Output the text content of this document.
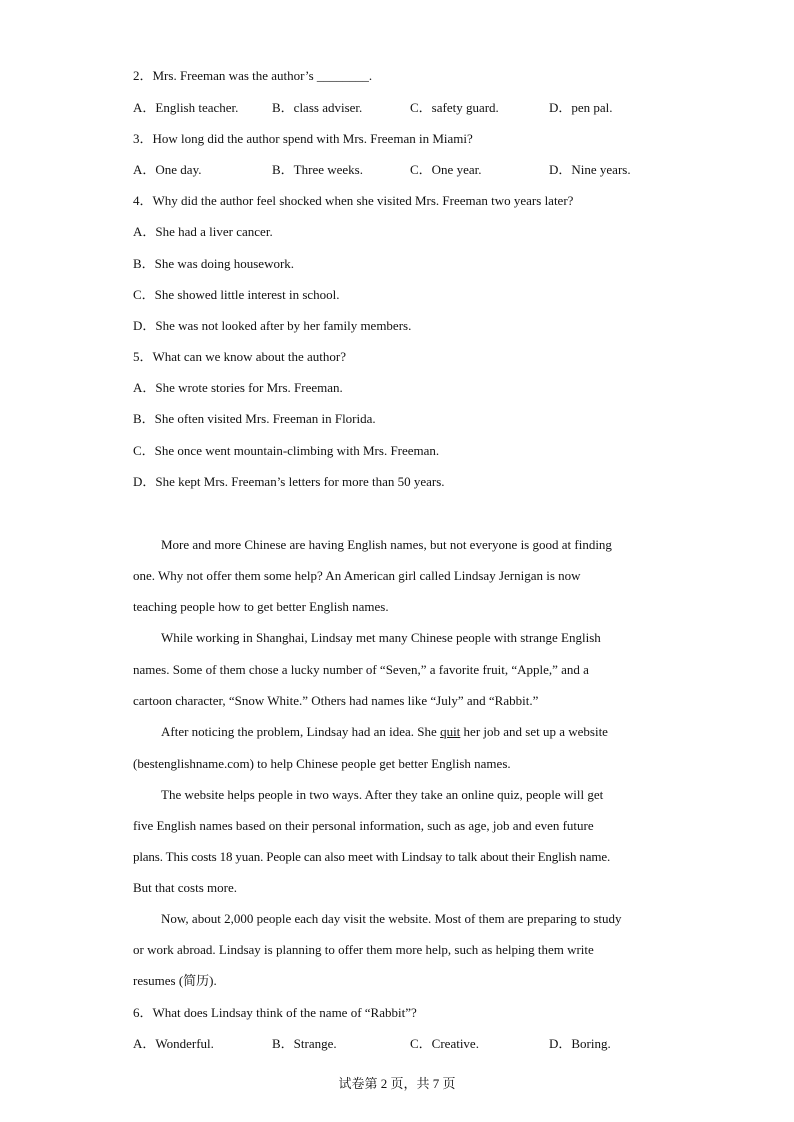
2．Mrs. Freeman was the author’s ________.
A．English teacher.	B．class adviser.	C．safety guard.	D．pen pal.
3．How long did the author spend with Mrs. Freeman in Miami?
A．One day.	B．Three weeks.	C．One year.	D．Nine years.
4．Why did the author feel shocked when she visited Mrs. Freeman two years later?
A．She had a liver cancer.
B．She was doing housework.
C．She showed little interest in school.
D．She was not looked after by her family members.
5．What can we know about the author?
A．She wrote stories for Mrs. Freeman.
B．She often visited Mrs. Freeman in Florida.
C．She once went mountain-climbing with Mrs. Freeman.
D．She kept Mrs. Freeman’s letters for more than 50 years.
More and more Chinese are having English names, but not everyone is good at finding
one. Why not offer them some help? An American girl called Lindsay Jernigan is now
teaching people how to get better English names.
While working in Shanghai, Lindsay met many Chinese people with strange English
names. Some of them chose a lucky number of “Seven,” a favorite fruit, “Apple,” and a
cartoon character, “Snow White.” Others had names like “July” and “Rabbit.”
After noticing the problem, Lindsay had an idea. She quit her job and set up a website
(bestenglishname.com) to help Chinese people get better English names.
The website helps people in two ways. After they take an online quiz, people will get
five English names based on their personal information, such as age, job and even future
plans. This costs 18 yuan. People can also meet with Lindsay to talk about their English name.
But that costs more.
Now, about 2,000 people each day visit the website. Most of them are preparing to study
or work abroad. Lindsay is planning to offer them more help, such as helping them write
resumes (简历).
6．What does Lindsay think of the name of “Rabbit”?
A．Wonderful.	B．Strange.	C．Creative.	D．Boring.
试卷第 2 页，共 7 页
